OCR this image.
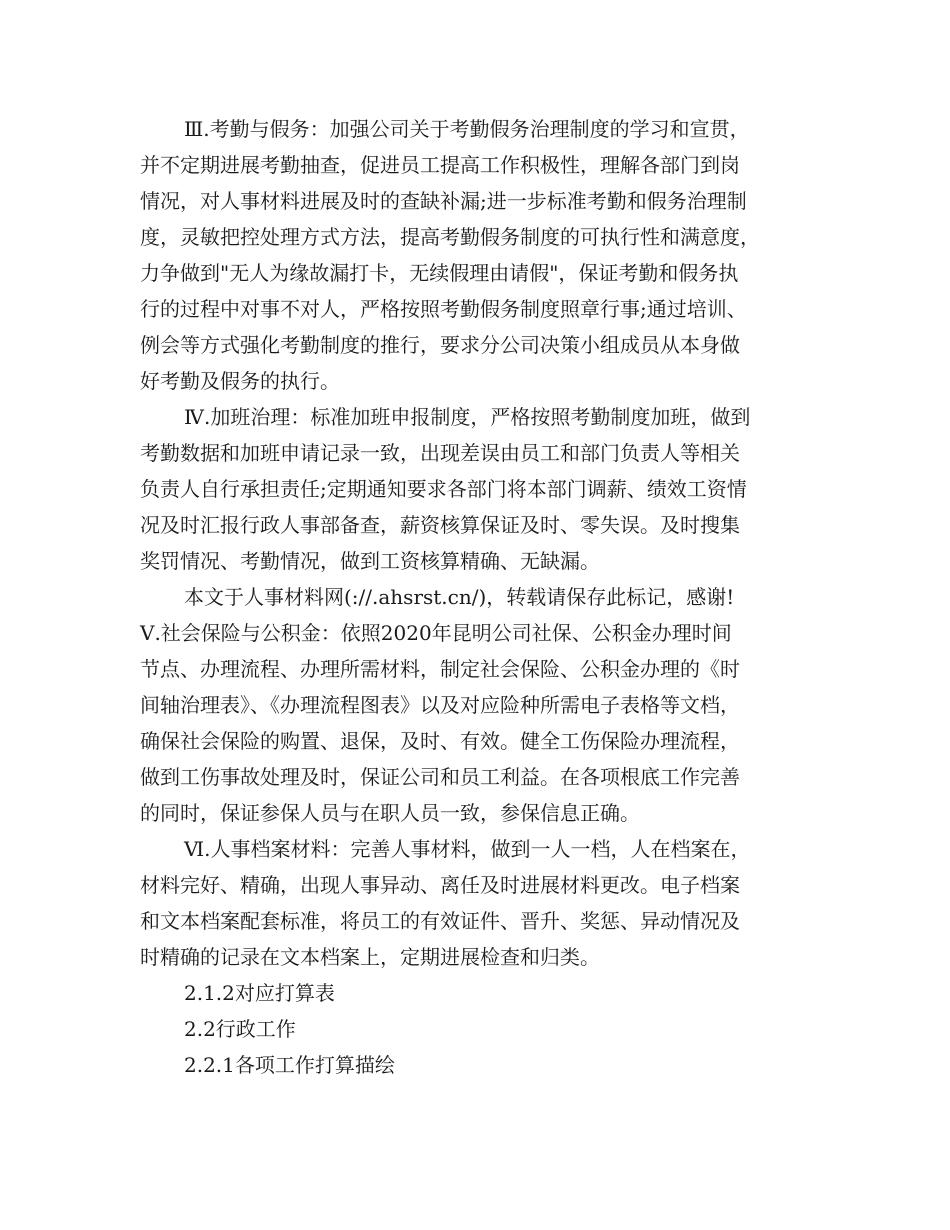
Ⅲ.考勤与假务：加强公司关于考勤假务治理制度的学习和宣贯，
并不定期进展考勤抽查，促进员工提高工作积极性，理解各部门到岗
情况，对人事材料进展及时的查缺补漏;进一步标准考勤和假务治理制
度，灵敏把控处理方式方法，提高考勤假务制度的可执行性和满意度，
力争做到"无人为缘故漏打卡，无续假理由请假"，保证考勤和假务执
行的过程中对事不对人，严格按照考勤假务制度照章行事;通过培训、
例会等方式强化考勤制度的推行，要求分公司决策小组成员从本身做
好考勤及假务的执行。
Ⅳ.加班治理：标准加班申报制度，严格按照考勤制度加班，做到
考勤数据和加班申请记录一致，出现差误由员工和部门负责人等相关
负责人自行承担责任;定期通知要求各部门将本部门调薪、绩效工资情
况及时汇报行政人事部备查，薪资核算保证及时、零失误。及时搜集
奖罚情况、考勤情况，做到工资核算精确、无缺漏。
本文于人事材料网(://.ahsrst.cn/)，转载请保存此标记，感谢!
Ⅴ.社会保险与公积金：依照2020年昆明公司社保、公积金办理时间
节点、办理流程、办理所需材料，制定社会保险、公积金办理的《时
间轴治理表》、《办理流程图表》以及对应险种所需电子表格等文档，
确保社会保险的购置、退保，及时、有效。健全工伤保险办理流程，
做到工伤事故处理及时，保证公司和员工利益。在各项根底工作完善
的同时，保证参保人员与在职人员一致，参保信息正确。
Ⅵ.人事档案材料：完善人事材料，做到一人一档，人在档案在，
材料完好、精确，出现人事异动、离任及时进展材料更改。电子档案
和文本档案配套标准，将员工的有效证件、晋升、奖惩、异动情况及
时精确的记录在文本档案上，定期进展检查和归类。
2.1.2对应打算表
2.2行政工作
2.2.1各项工作打算描绘
